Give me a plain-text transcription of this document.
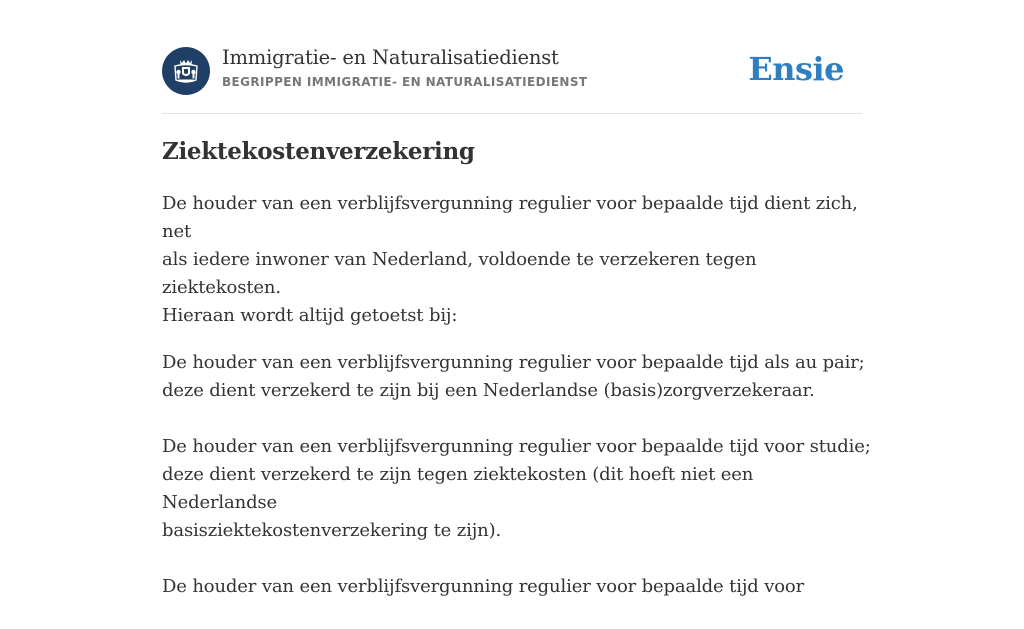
Immigratie- en Naturalisatiedienst
BEGRIPPEN IMMIGRATIE- EN NATURALISATIEDIENST	Ensie
Ziektekostenverzekering
De houder van een verblijfsvergunning regulier voor bepaalde tijd dient zich, net
als iedere inwoner van Nederland, voldoende te verzekeren tegen ziektekosten.
Hieraan wordt altijd getoetst bij:
De houder van een verblijfsvergunning regulier voor bepaalde tijd als au pair;
deze dient verzekerd te zijn bij een Nederlandse (basis)zorgverzekeraar.
De houder van een verblijfsvergunning regulier voor bepaalde tijd voor studie;
deze dient verzekerd te zijn tegen ziektekosten (dit hoeft niet een Nederlandse
basisziektekostenverzekering te zijn).
De houder van een verblijfsvergunning regulier voor bepaalde tijd voor
